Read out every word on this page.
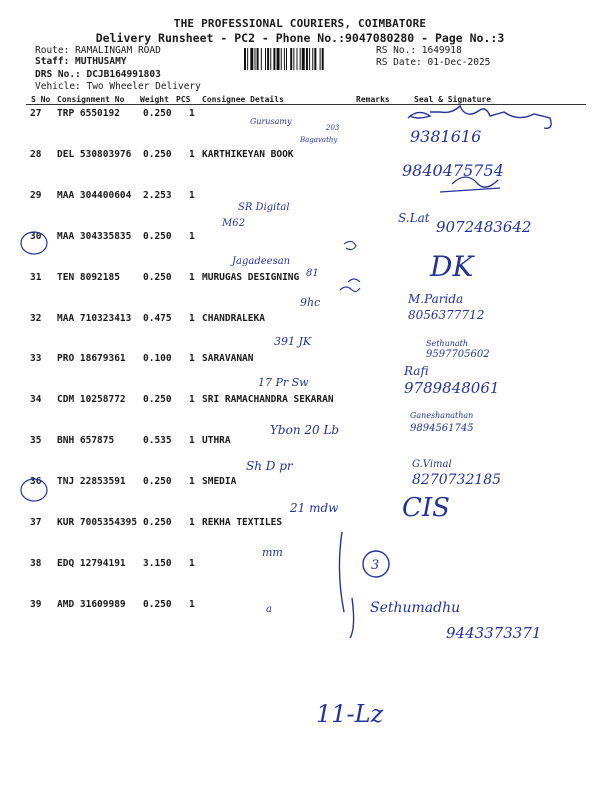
THE PROFESSIONAL COURIERS, COIMBATORE
Delivery Runsheet - PC2 - Phone No.:9047080280 - Page No.:3
Route: RAMALINGAM ROAD
Staff: MUTHUSAMY
DRS No.: DCJB164991803
Vehicle: Two Wheeler Delivery
RS No.: 1649918
RS Date: 01-Dec-2025
S No Consignment No Weight PCS Consignee Details	Remarks	Seal & Signature
27 TRP 6550192 0.250 1
28 DEL 530803976 0.250 1 KARTHIKEYAN BOOK
29 MAA 304400604 2.253 1
30 MAA 304335835 0.250 1
31 TEN 8092185 0.250 1 MURUGAS DESIGNING
32 MAA 710323413 0.475 1 CHANDRALEKA
33 PRO 18679361 0.100 1 SARAVANAN
34 CDM 10258772 0.250 1 SRI RAMACHANDRA SEKARAN
35 BNH 657875	0.535 1 UTHRA
36 TNJ 22853591 0.250 1 SMEDIA
37 KUR 7005354395 0.250 1 REKHA TEXTILES
38 EDQ 12794191 3.150 1
39 AMD 31609989 0.250 1
Gurusamy
203
Bagavathy	9381616
9840475754
SR Digital
M62	S.Lat 9072483642
Jagadeesan
81	DK
9hc	M.Parida
8056377712
391 JK	Sethunath
9597705602
17 Pr Sw
Rafi
9789848061
Ybon 20 Lb
Ganeshanathan
9894561745
Sh D pr	G.Vimal
8270732185
21 mdw CIS
mm
3
a	Sethumadhu
9443373371
11-Lz
